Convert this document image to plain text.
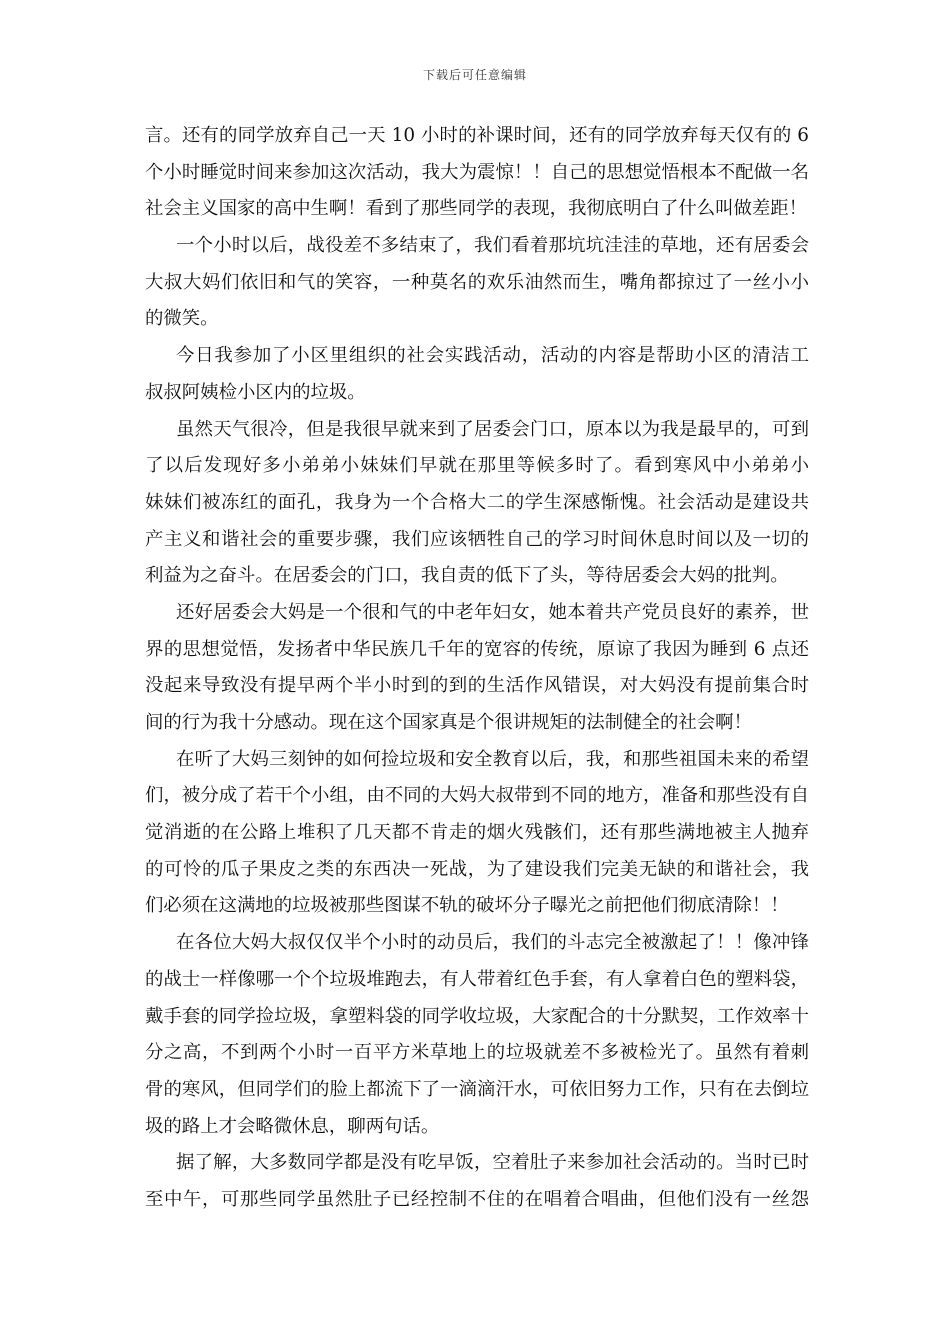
下载后可任意编辑
言。还有的同学放弃自己一天 10 小时的补课时间，还有的同学放弃每天仅有的 6
个小时睡觉时间来参加这次活动，我大为震惊！！自己的思想觉悟根本不配做一名
社会主义国家的高中生啊！看到了那些同学的表现，我彻底明白了什么叫做差距！
一个小时以后，战役差不多结束了，我们看着那坑坑洼洼的草地，还有居委会
大叔大妈们依旧和气的笑容，一种莫名的欢乐油然而生，嘴角都掠过了一丝小小
的微笑。
今日我参加了小区里组织的社会实践活动，活动的内容是帮助小区的清洁工
叔叔阿姨检小区内的垃圾。
虽然天气很冷，但是我很早就来到了居委会门口，原本以为我是最早的，可到
了以后发现好多小弟弟小妹妹们早就在那里等候多时了。看到寒风中小弟弟小
妹妹们被冻红的面孔，我身为一个合格大二的学生深感惭愧。社会活动是建设共
产主义和谐社会的重要步骤，我们应该牺牲自己的学习时间休息时间以及一切的
利益为之奋斗。在居委会的门口，我自责的低下了头，等待居委会大妈的批判。
还好居委会大妈是一个很和气的中老年妇女，她本着共产党员良好的素养，世
界的思想觉悟，发扬者中华民族几千年的宽容的传统，原谅了我因为睡到 6 点还
没起来导致没有提早两个半小时到的到的生活作风错误，对大妈没有提前集合时
间的行为我十分感动。现在这个国家真是个很讲规矩的法制健全的社会啊！
在听了大妈三刻钟的如何捡垃圾和安全教育以后，我，和那些祖国未来的希望
们，被分成了若干个小组，由不同的大妈大叔带到不同的地方，准备和那些没有自
觉消逝的在公路上堆积了几天都不肯走的烟火残骸们，还有那些满地被主人抛弃
的可怜的瓜子果皮之类的东西决一死战，为了建设我们完美无缺的和谐社会，我
们必须在这满地的垃圾被那些图谋不轨的破坏分子曝光之前把他们彻底清除！！
在各位大妈大叔仅仅半个小时的动员后，我们的斗志完全被激起了！！像冲锋
的战士一样像哪一个个垃圾堆跑去，有人带着红色手套，有人拿着白色的塑料袋，
戴手套的同学捡垃圾，拿塑料袋的同学收垃圾，大家配合的十分默契，工作效率十
分之高，不到两个小时一百平方米草地上的垃圾就差不多被检光了。虽然有着刺
骨的寒风，但同学们的脸上都流下了一滴滴汗水，可依旧努力工作，只有在去倒垃
圾的路上才会略微休息，聊两句话。
据了解，大多数同学都是没有吃早饭，空着肚子来参加社会活动的。当时已时
至中午，可那些同学虽然肚子已经控制不住的在唱着合唱曲，但他们没有一丝怨
